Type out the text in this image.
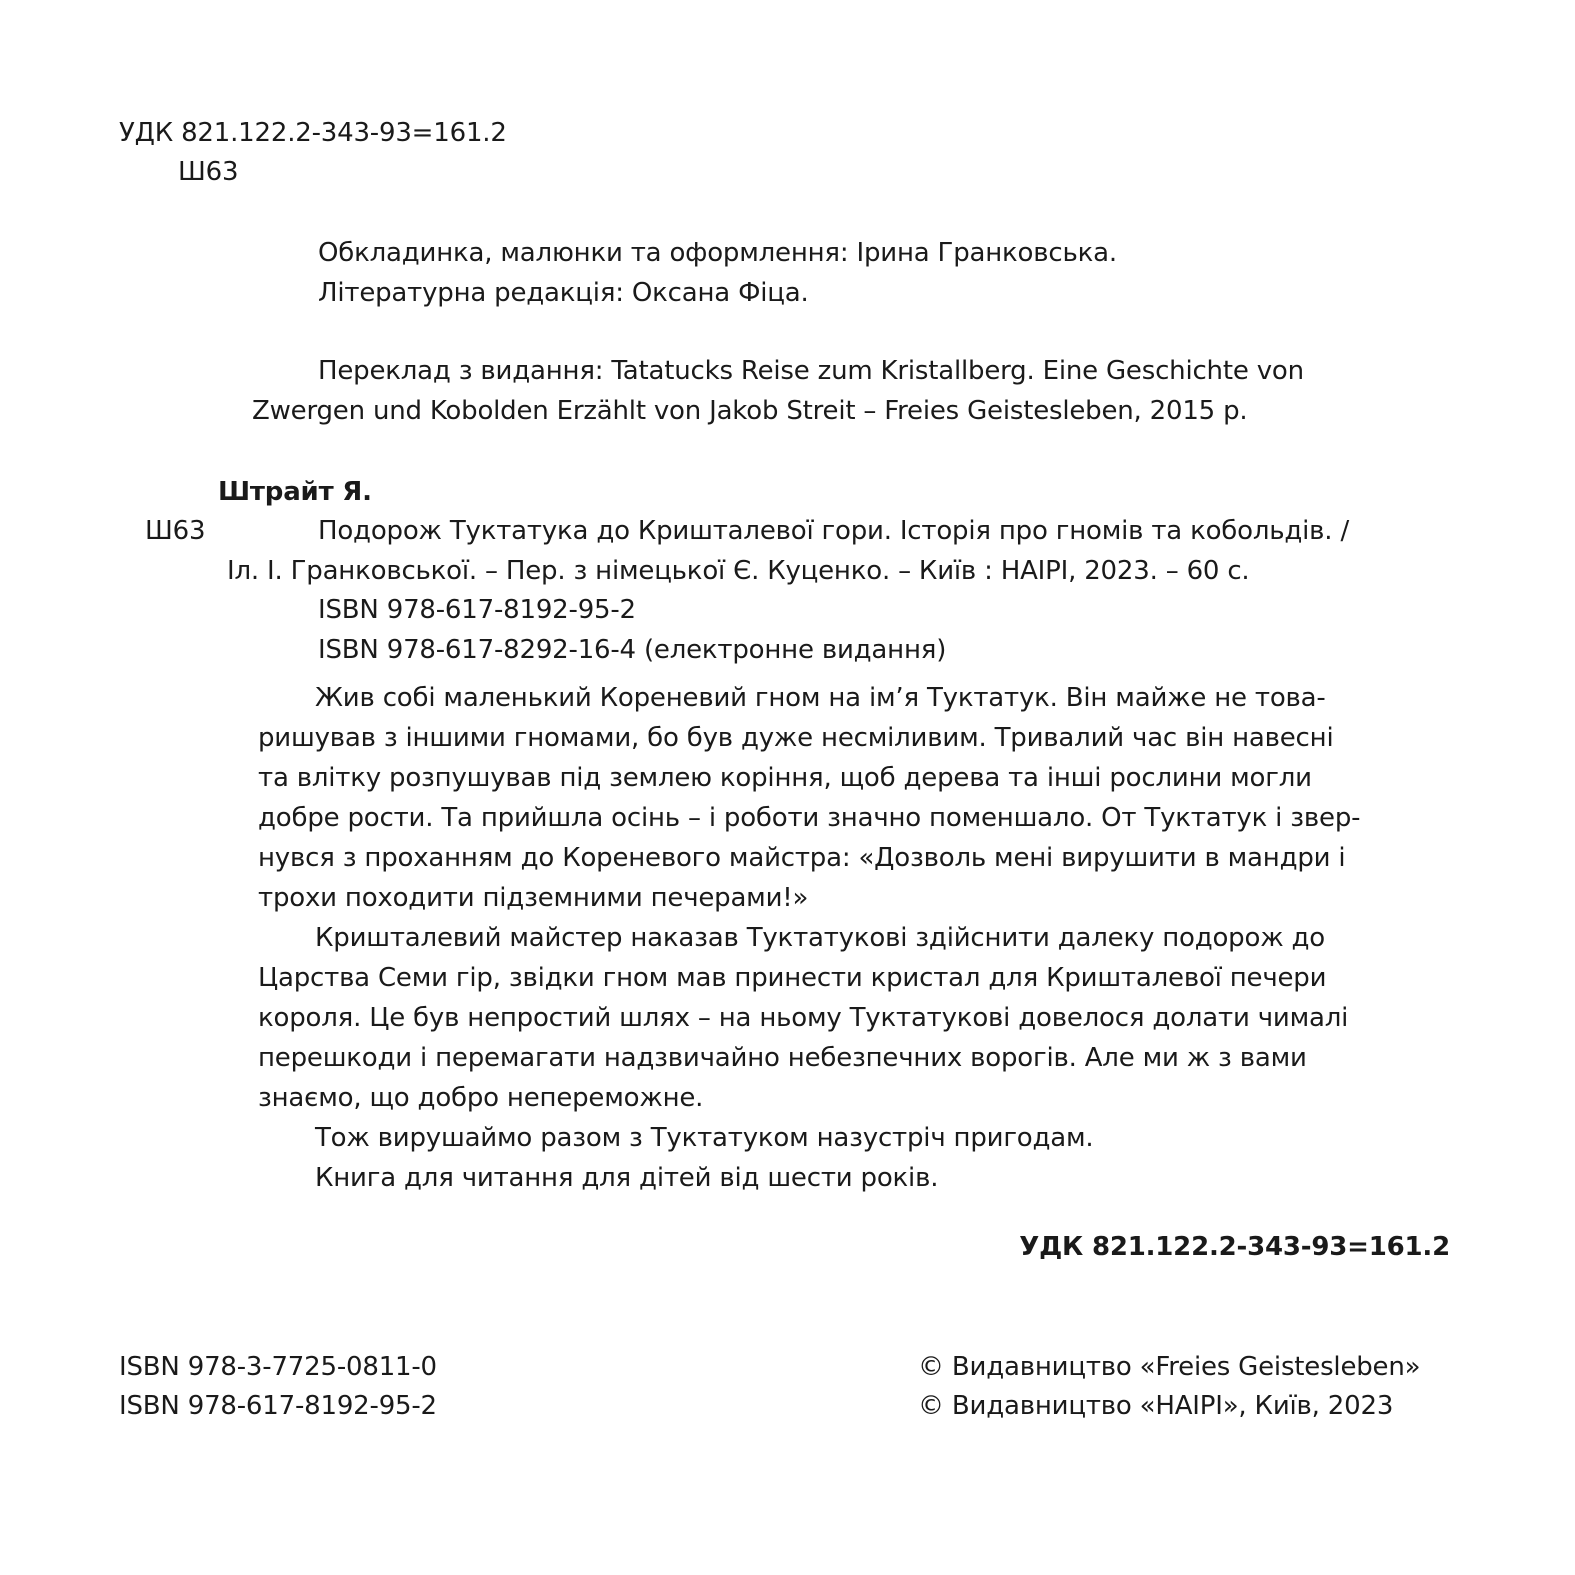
УДК 821.122.2-343-93=161.2
Ш63
Обкладинка, малюнки та оформлення: Ірина Гранковська.
Літературна редакція: Оксана Фіца.
Переклад з видання: Tatatucks Reise zum Kristallberg. Eine Geschichte von
Zwergen und Kobolden Erzählt von Jakob Streit – Freies Geistesleben, 2015 р.
Штрайт Я.
Ш63	Подорож Туктатука до Кришталевої гори. Історія про гномів та кобольдів. /
Іл. І. Гранковської. – Пер. з німецької Є. Куценко. – Київ : НАІРІ, 2023. – 60 с.
ISBN 978-617-8192-95-2
ISBN 978-617-8292-16-4 (електронне видання)
Жив собі маленький Кореневий гном на ім’я Туктатук. Він майже не това-
ришував з іншими гномами, бо був дуже несміливим. Тривалий час він навесні
та влітку розпушував під землею коріння, щоб дерева та інші рослини могли
добре рости. Та прийшла осінь – і роботи значно поменшало. От Туктатук і звер-
нувся з проханням до Кореневого майстра: «Дозволь мені вирушити в мандри і
трохи походити підземними печерами!»
Кришталевий майстер наказав Туктатукові здійснити далеку подорож до
Царства Семи гір, звідки гном мав принести кристал для Кришталевої печери
короля. Це був непростий шлях – на ньому Туктатукові довелося долати чималі
перешкоди і перемагати надзвичайно небезпечних ворогів. Але ми ж з вами
знаємо, що добро непереможне.
Тож вирушаймо разом з Туктатуком назустріч пригодам.
Книга для читання для дітей від шести років.
УДК 821.122.2-343-93=161.2
ISBN 978-3-7725-0811-0
ISBN 978-617-8192-95-2
© Видавництво «Freies Geistesleben»
© Видавництво «НАІРІ», Київ, 2023
